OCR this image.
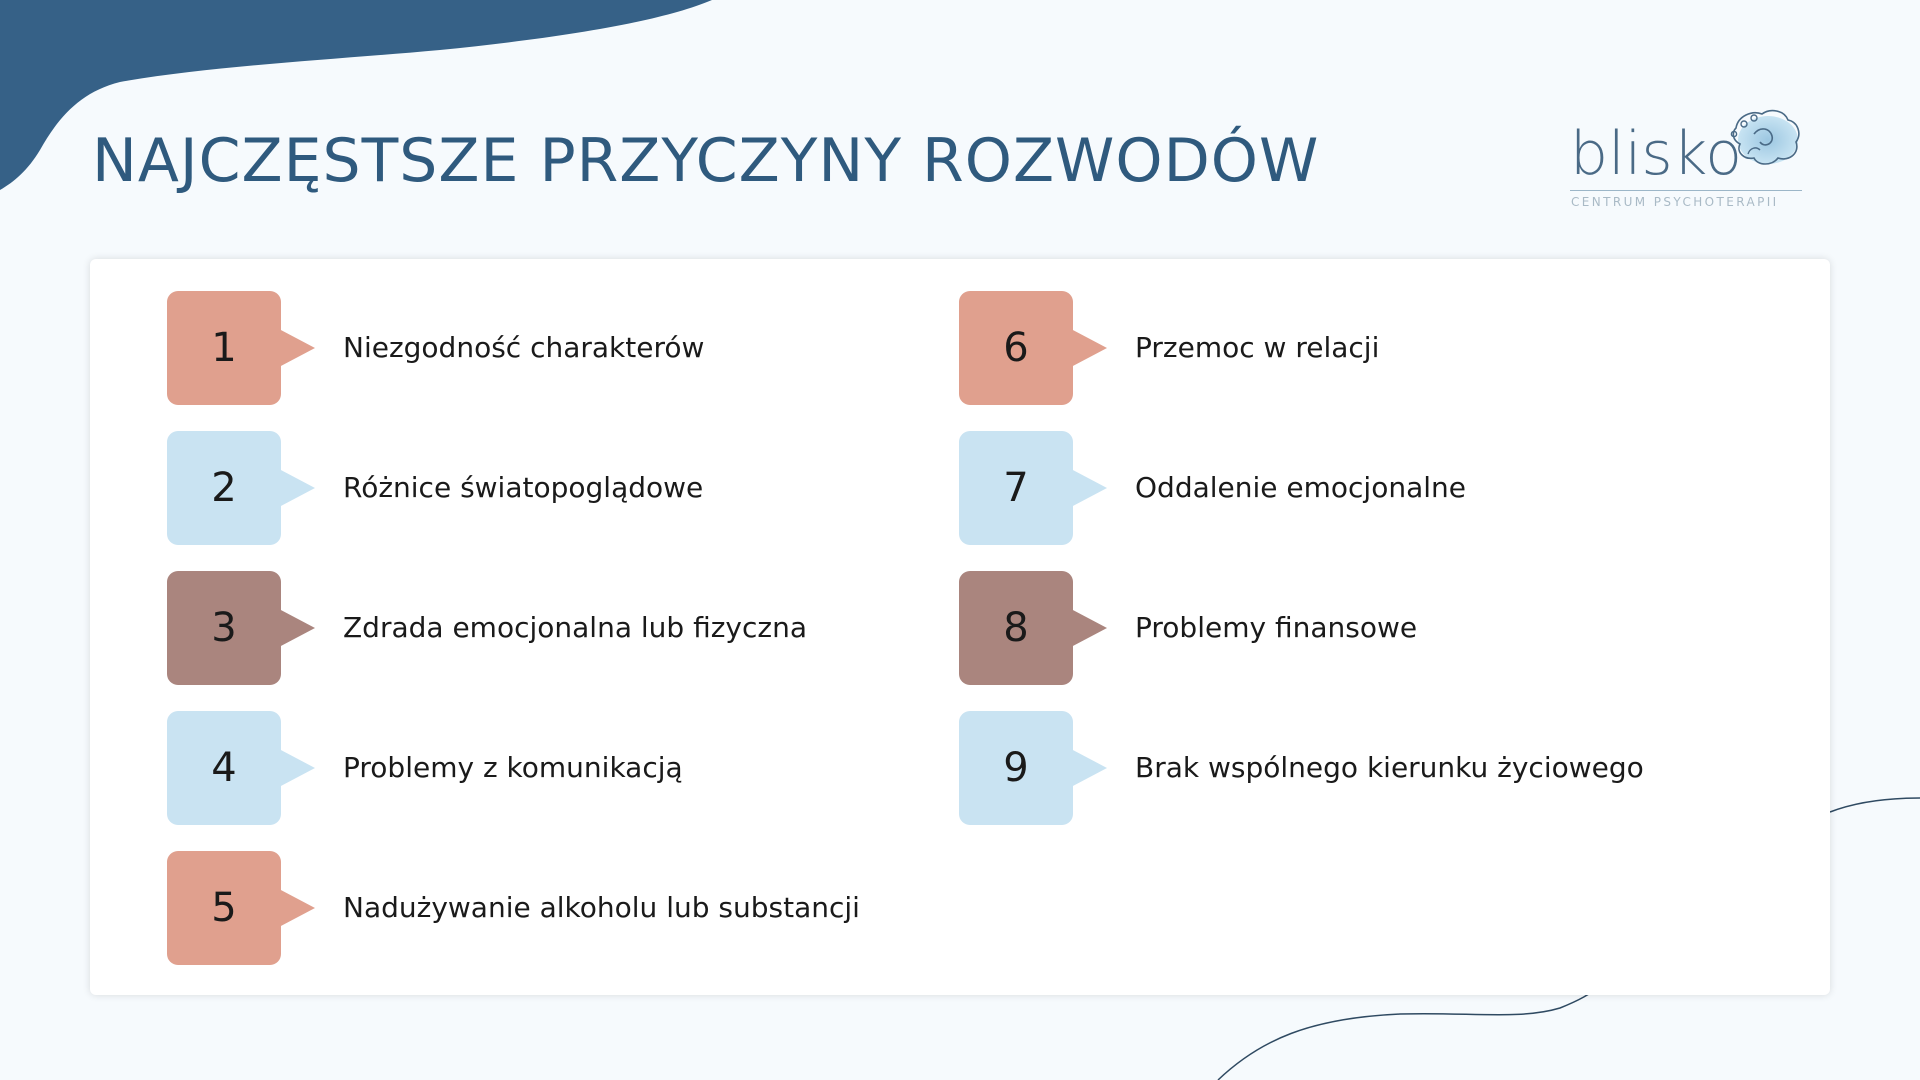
NAJCZĘSTSZE PRZYCZYNY ROZWODÓW	blisko
CENTRUM PSYCHOTERAPII
1	Niezgodność charakterów
2	Różnice światopoglądowe
3	Zdrada emocjonalna lub fizyczna
4	Problemy z komunikacją
5	Nadużywanie alkoholu lub substancji
6	Przemoc w relacji
7	Oddalenie emocjonalne
8	Problemy finansowe
9	Brak wspólnego kierunku życiowego
